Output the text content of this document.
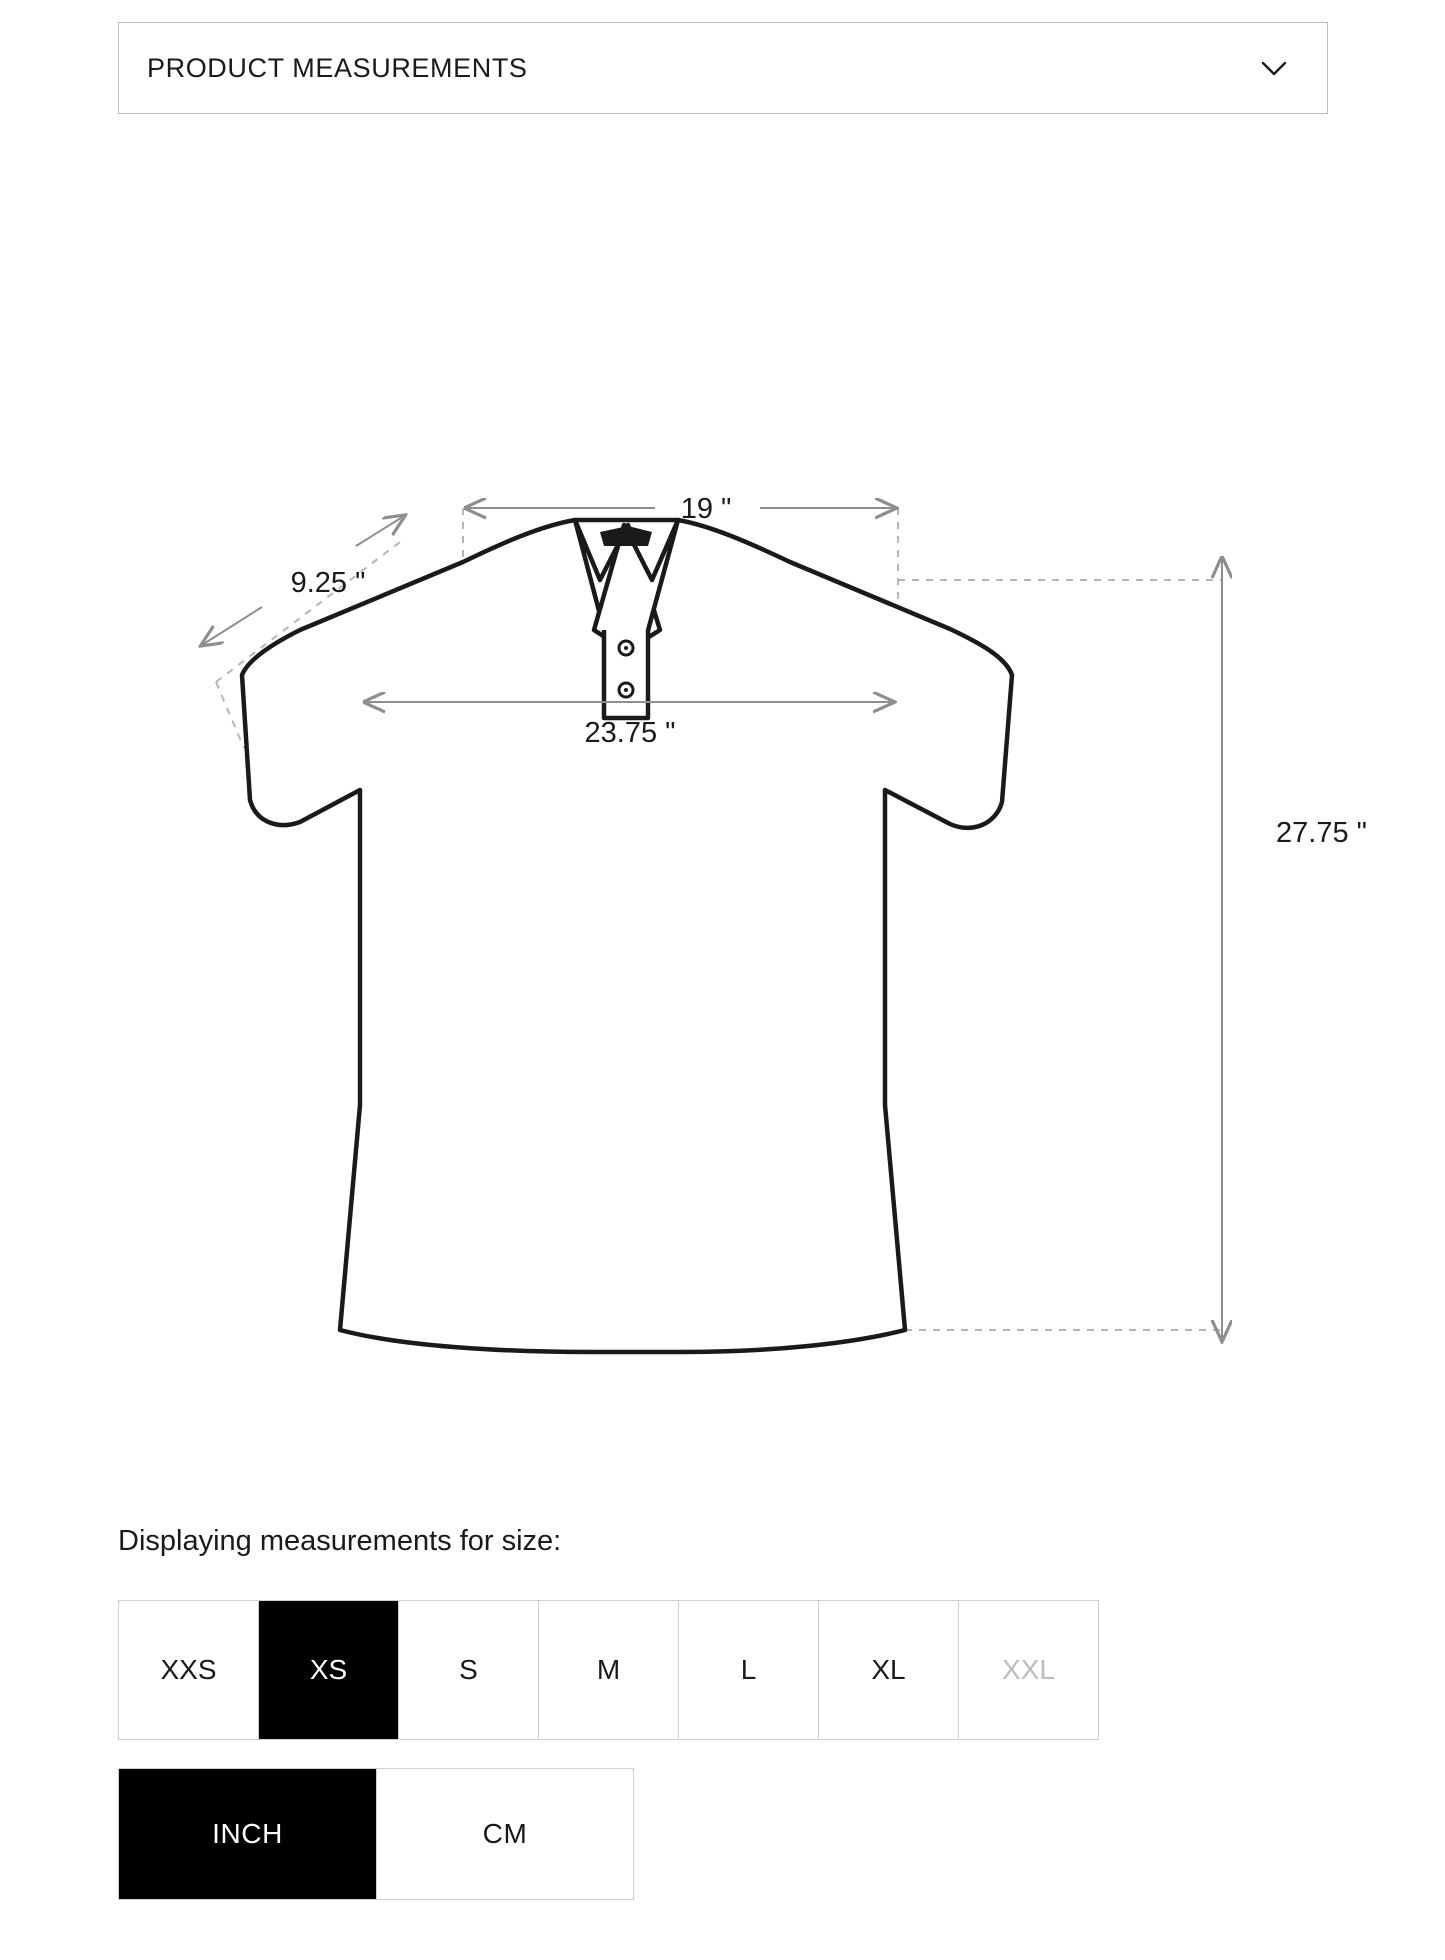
PRODUCT MEASUREMENTS
19 "
9.25 "
23.75 "
27.75 "
Displaying measurements for size:
XXS	XS	S	M	L	XL	XXL
INCH	CM
